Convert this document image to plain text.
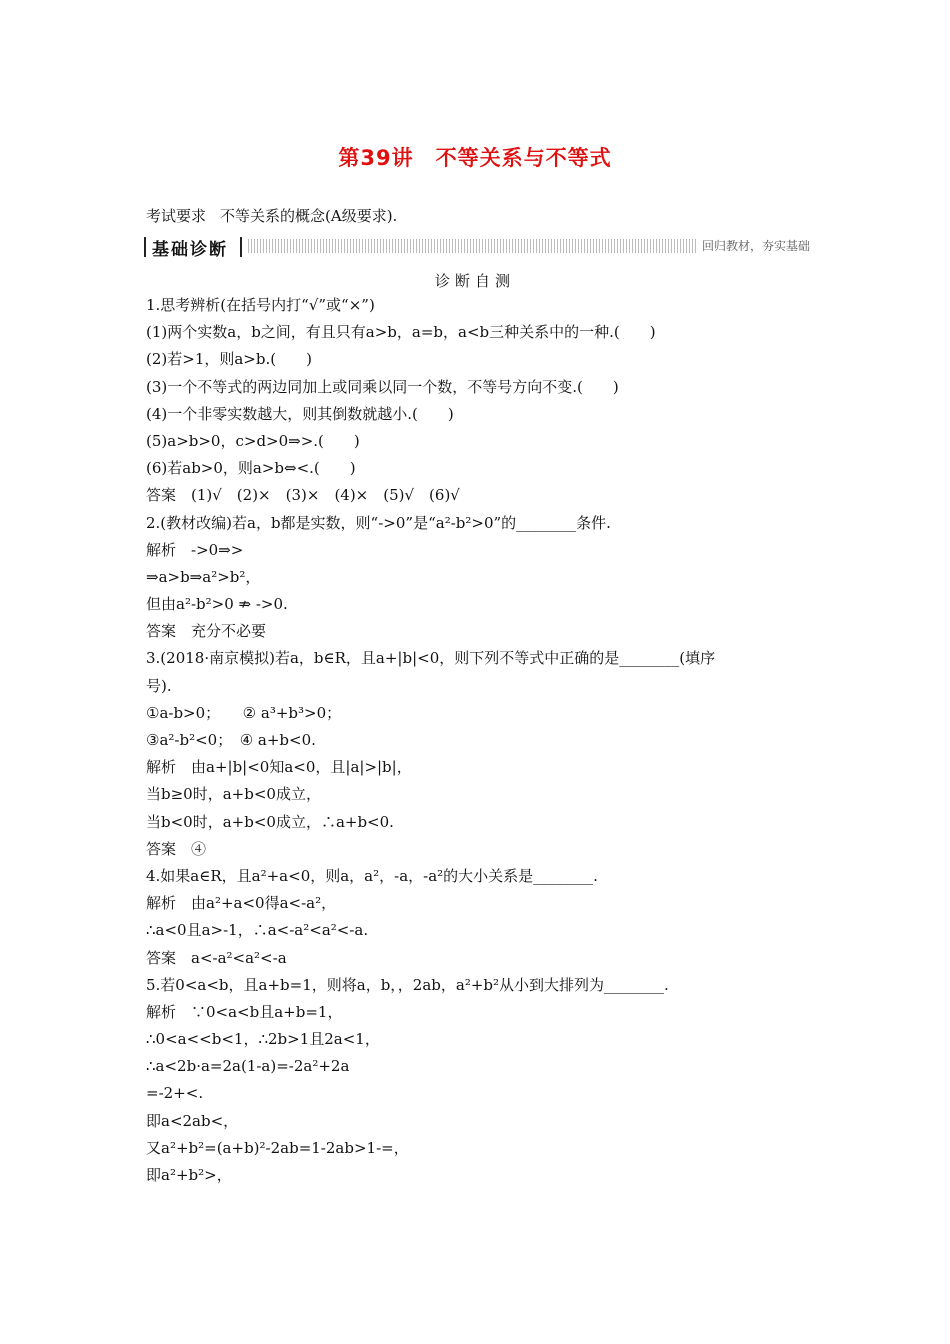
第39讲　不等关系与不等式
考试要求 不等关系的概念(A级要求).
基础诊断	回归教材，夯实基础
诊断自测
1.思考辨析(在括号内打“√”或“×”)
(1)两个实数a，b之间，有且只有a>b，a=b，a<b三种关系中的一种.(　　)
(2)若>1，则a>b.(　　)
(3)一个不等式的两边同加上或同乘以同一个数，不等号方向不变.(　　)
(4)一个非零实数越大，则其倒数就越小.(　　)
(5)a>b>0，c>d>0⇒>.(　　)
(6)若ab>0，则a>b⇔<.(　　)
答案　(1)√　(2)×　(3)×　(4)×　(5)√　(6)√
2.(教材改编)若a，b都是实数，则“->0”是“a²-b²>0”的________条件.
解析　->0⇒>
⇒a>b⇒a²>b²，
但由a²-b²>0 ⇏ ->0.
答案　充分不必要
3.(2018·南京模拟)若a，b∈R，且a+|b|<0，则下列不等式中正确的是________(填序
号).
①a-b>0；　　② a³+b³>0；
③a²-b²<0；　④ a+b<0.
解析　由a+|b|<0知a<0，且|a|>|b|，
当b≥0时，a+b<0成立，
当b<0时，a+b<0成立，∴a+b<0.
答案　④
4.如果a∈R，且a²+a<0，则a，a²，-a，-a²的大小关系是________.
解析　由a²+a<0得a<-a²，
∴a<0且a>-1，∴a<-a²<a²<-a.
答案　a<-a²<a²<-a
5.若0<a<b，且a+b=1，则将a，b，，2ab，a²+b²从小到大排列为________.
解析　∵0<a<b且a+b=1，
∴0<a<<b<1，∴2b>1且2a<1，
∴a<2b·a=2a(1-a)=-2a²+2a
=-2+<.
即a<2ab<，
又a²+b²=(a+b)²-2ab=1-2ab>1-=，
即a²+b²>，
